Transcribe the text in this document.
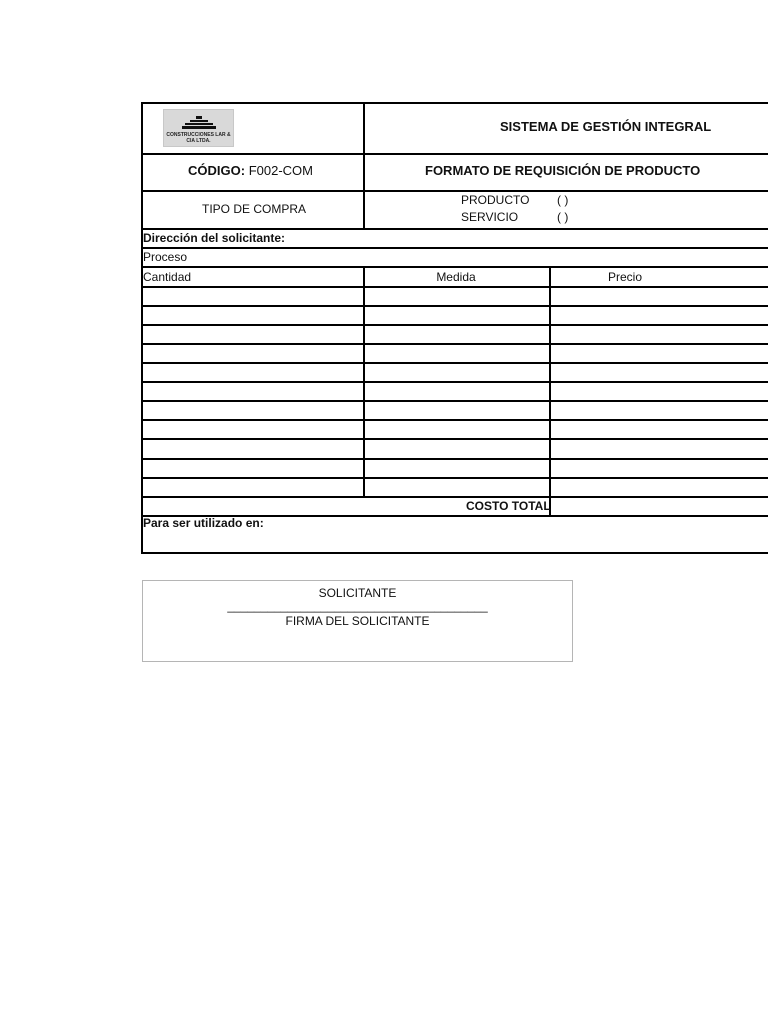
CONSTRUCCIONES LAR & CIA LTDA.
SISTEMA DE GESTIÓN INTEGRAL
CÓDIGO: F002-COM	FORMATO DE REQUISICIÓN DE PRODUCTO
TIPO DE COMPRA
PRODUCTO ( )
SERVICIO	( )
Dirección del solicitante:
Proceso
Cantidad	Medida	Precio
COSTO TOTAL
Para ser utilizado en:
SOLICITANTE
_______________________________________
FIRMA DEL SOLICITANTE
